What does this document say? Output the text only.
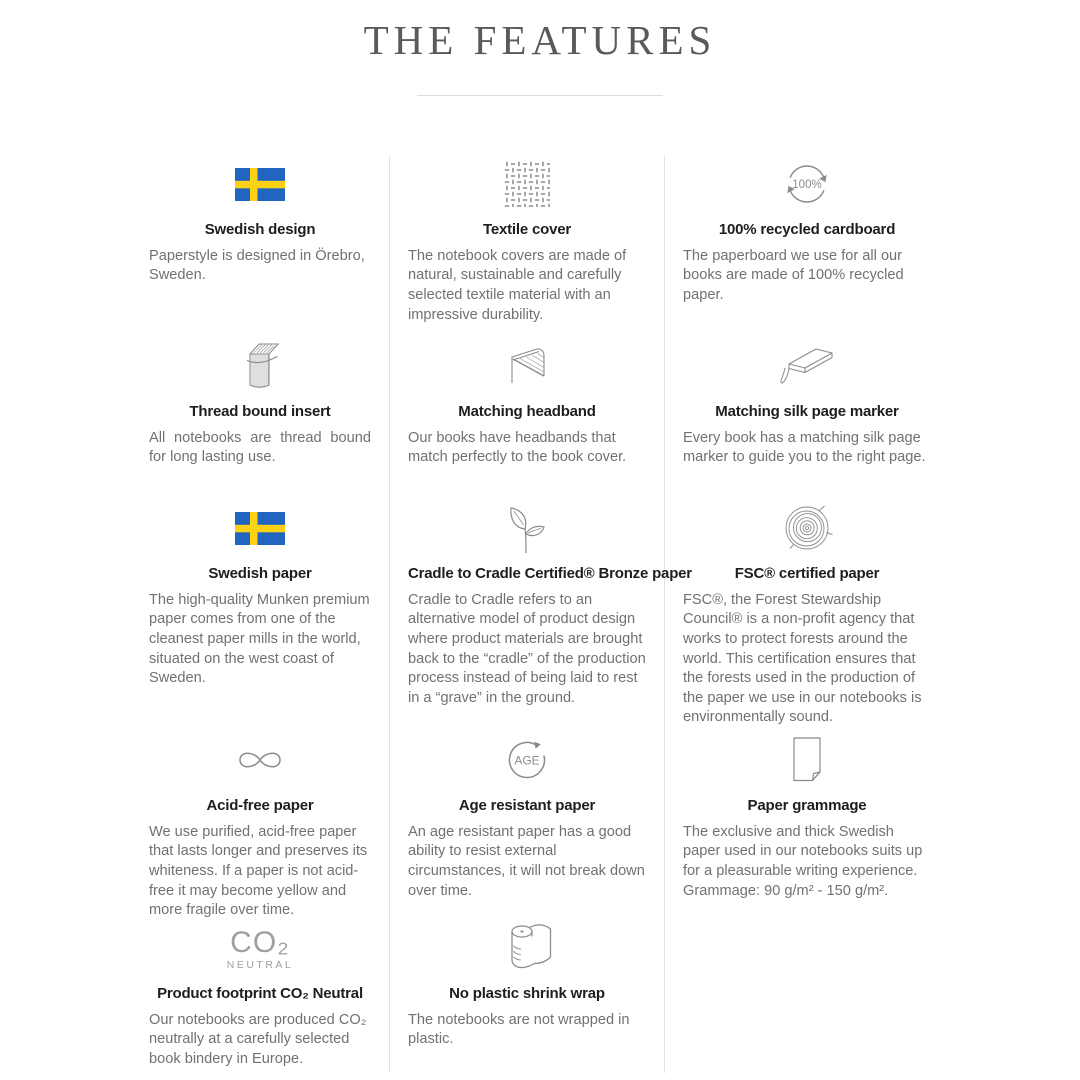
THE FEATURES
Swedish design
Paperstyle is designed in Örebro, Sweden.
Textile cover
The notebook covers are made of natural, sustainable and carefully selected textile material with an impressive durability.
100%
100% recycled cardboard
The paperboard we use for all our books are made of 100% recycled paper.
Thread bound insert
All notebooks are thread bound for long lasting use.
Matching headband
Our books have headbands that match perfectly to the book cover.
Matching silk page marker
Every book has a matching silk page marker to guide you to the right page.
Swedish paper
The high-quality Munken premium paper comes from one of the cleanest paper mills in the world, situated on the west coast of Sweden.
Cradle to Cradle Certified® Bronze paper
Cradle to Cradle refers to an alternative model of product design where product materials are brought back to the “cradle” of the production process instead of being laid to rest in a “grave” in the ground.
FSC® certified paper
FSC®, the Forest Stewardship Council® is a non-profit agency that works to protect forests around the world. This certification ensures that the forests used in the production of the paper we use in our notebooks is environmentally sound.
Acid-free paper
We use purified, acid-free paper that lasts longer and preserves its whiteness. If a paper is not acid-free it may become yellow and more fragile over time.
AGE
Age resistant paper
An age resistant paper has a good ability to resist external circumstances, it will not break down over time.
Paper grammage
The exclusive and thick Swedish paper used in our notebooks suits up for a pleasurable writing experience. Grammage: 90 g/m² - 150 g/m².
CO₂
NEUTRAL
Product footprint CO₂ Neutral
Our notebooks are produced CO₂ neutrally at a carefully selected book bindery in Europe.
No plastic shrink wrap
The notebooks are not wrapped in plastic.
